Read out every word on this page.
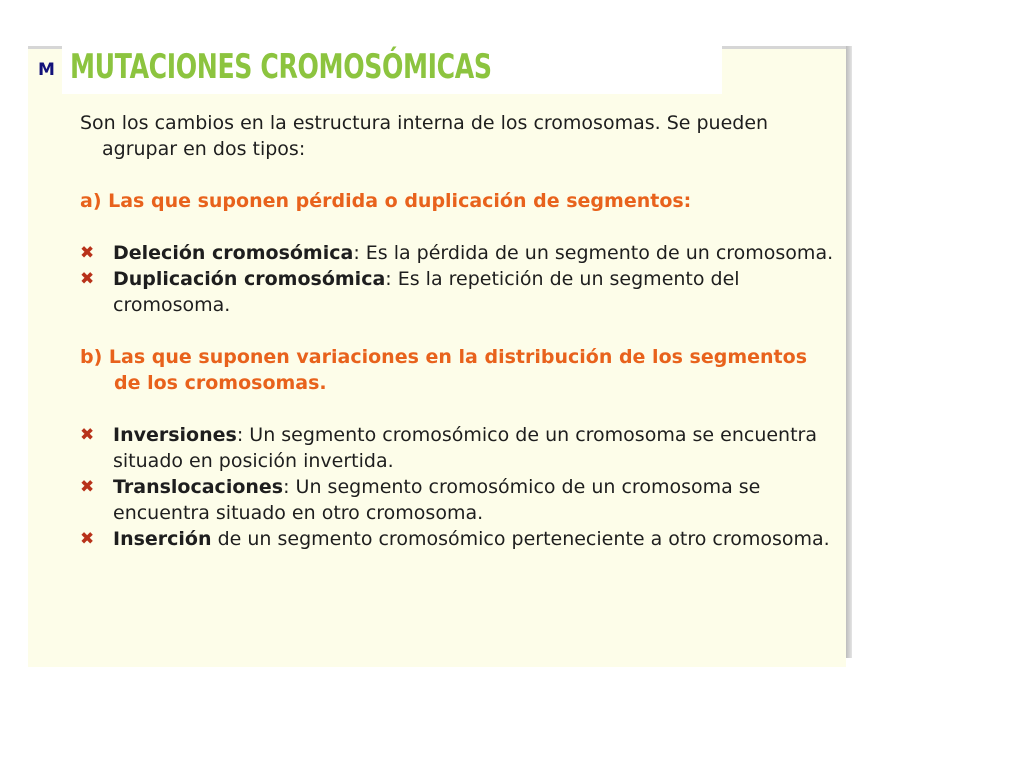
M MUTACIONES CROMOSÓMICAS

Son los cambios en la estructura interna de los cromosomas. Se pueden agrupar en dos tipos:

a) Las que suponen pérdida o duplicación de segmentos:

✖ Deleción cromosómica: Es la pérdida de un segmento de un cromosoma.

✖ Duplicación cromosómica: Es la repetición de un segmento del cromosoma.

b) Las que suponen variaciones en la distribución de los segmentos de los cromosomas.

✖ Inversiones: Un segmento cromosómico de un cromosoma se encuentra situado en posición invertida.

✖ Translocaciones: Un segmento cromosómico de un cromosoma se encuentra situado en otro cromosoma.

✖ Inserción de un segmento cromosómico perteneciente a otro cromosoma.
